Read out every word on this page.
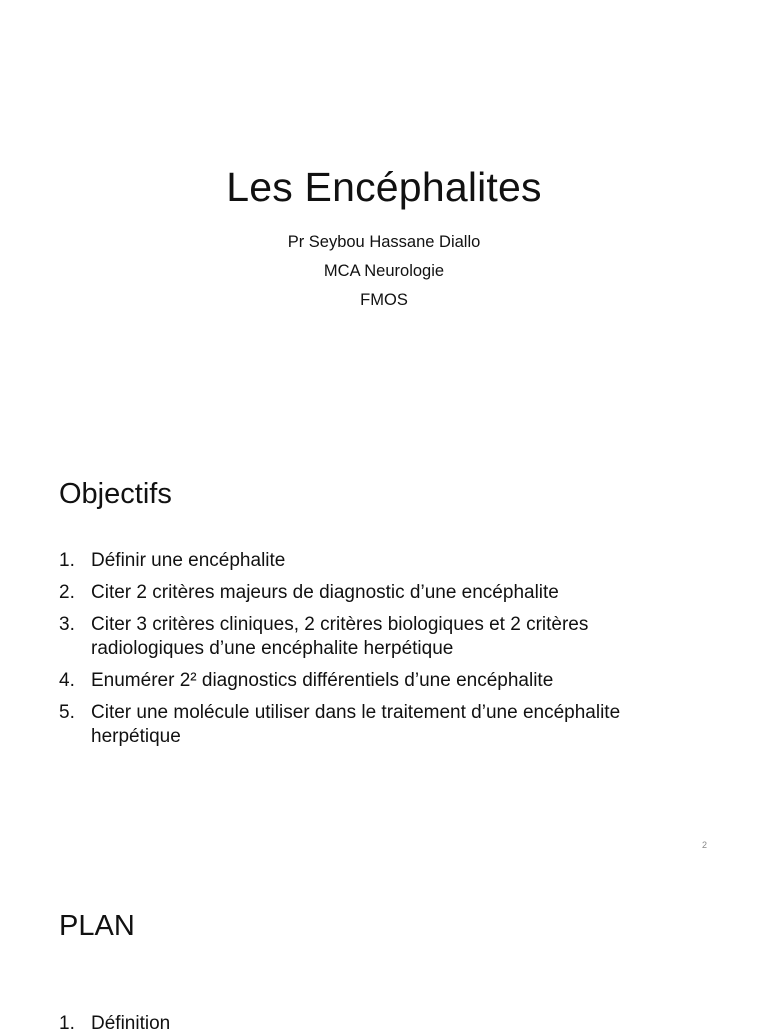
Les Encéphalites
Pr Seybou Hassane Diallo
MCA Neurologie
FMOS
Objectifs
1. Définir une encéphalite
2. Citer 2 critères majeurs de diagnostic d’une encéphalite
3. Citer 3 critères cliniques, 2 critères biologiques et 2 critères radiologiques d’une encéphalite herpétique
4. Enumérer 2² diagnostics différentiels d’une encéphalite
5. Citer une molécule utiliser dans le traitement d’une encéphalite herpétique
2
PLAN
1. Définition
